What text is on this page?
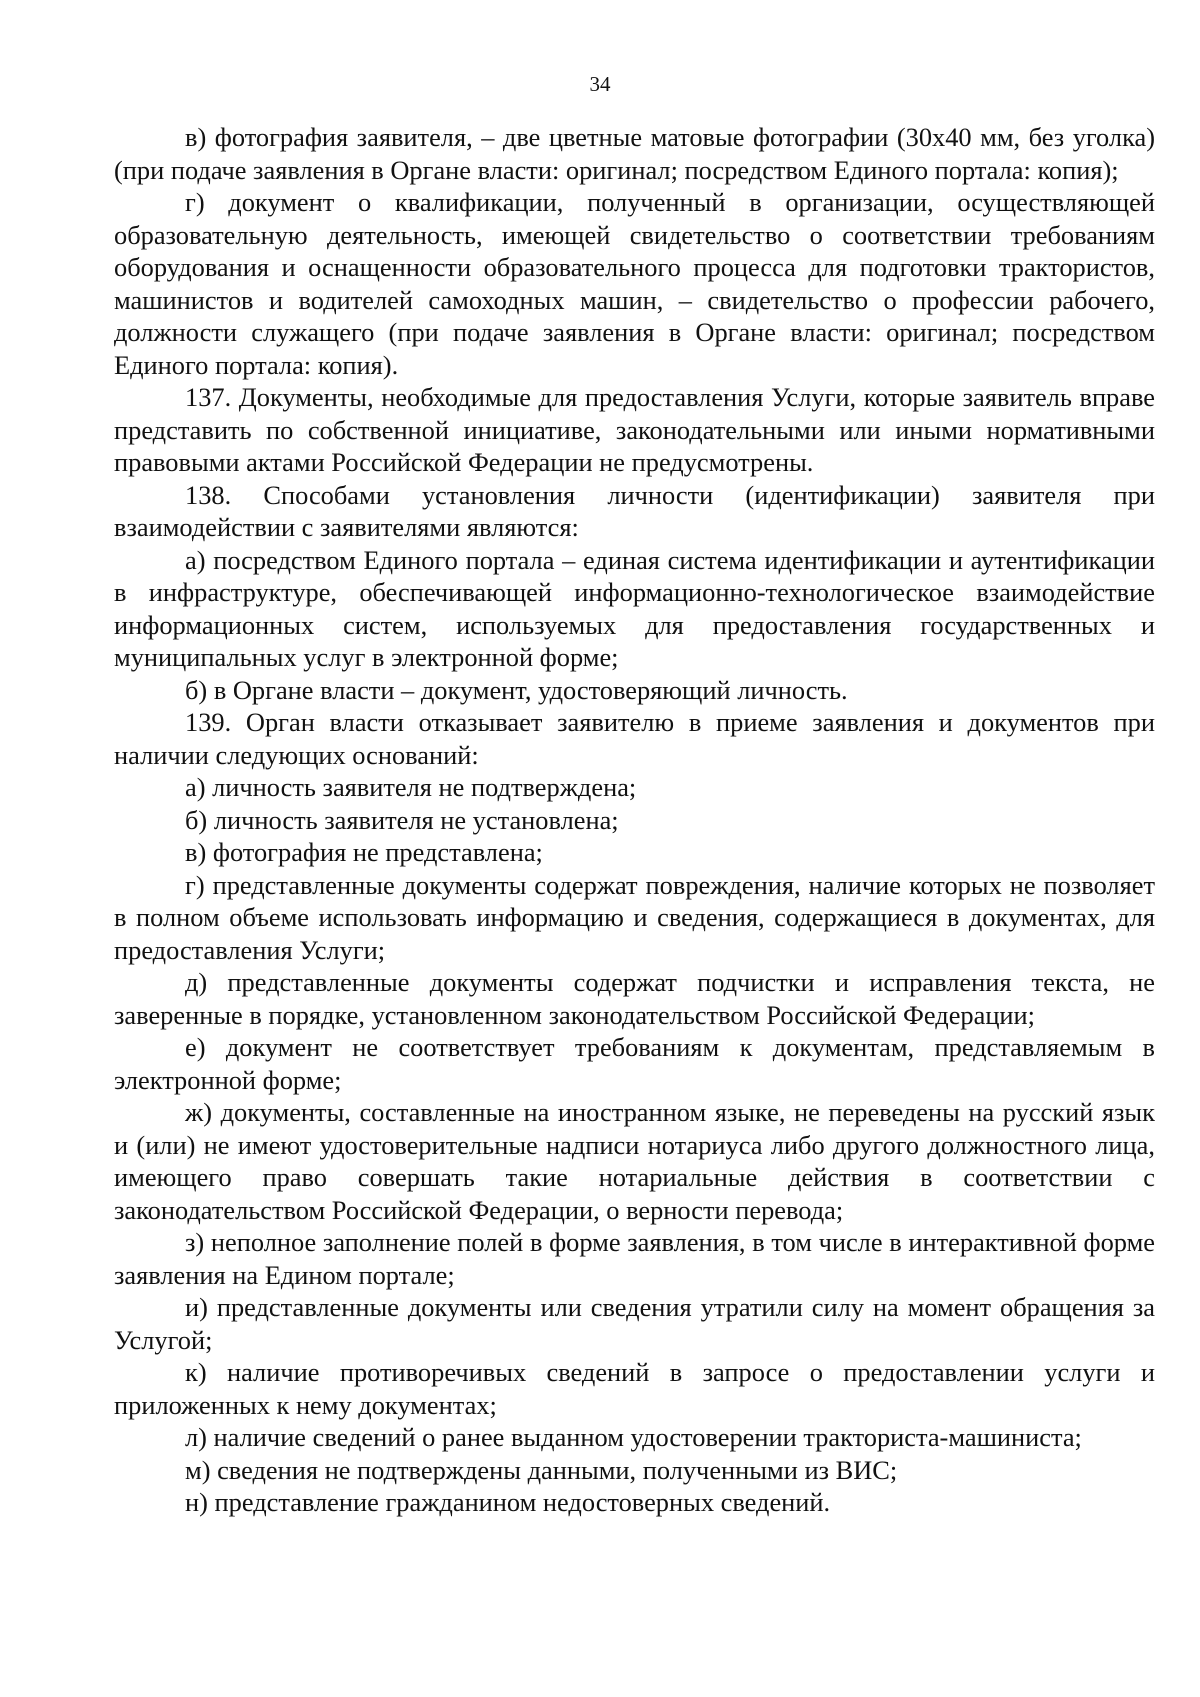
34

в) фотография заявителя, – две цветные матовые фотографии (30х40 мм, без уголка) (при подаче заявления в Органе власти: оригинал; посредством Единого портала: копия);

г) документ о квалификации, полученный в организации, осуществляющей образовательную деятельность, имеющей свидетельство о соответствии требованиям оборудования и оснащенности образовательного процесса для подготовки трактористов, машинистов и водителей самоходных машин, – свидетельство о профессии рабочего, должности служащего (при подаче заявления в Органе власти: оригинал; посредством Единого портала: копия).

137. Документы, необходимые для предоставления Услуги, которые заявитель вправе представить по собственной инициативе, законодательными или иными нормативными правовыми актами Российской Федерации не предусмотрены.

138. Способами установления личности (идентификации) заявителя при взаимодействии с заявителями являются:

а) посредством Единого портала – единая система идентификации и аутентификации в инфраструктуре, обеспечивающей информационно-технологическое взаимодействие информационных систем, используемых для предоставления государственных и муниципальных услуг в электронной форме;

б) в Органе власти – документ, удостоверяющий личность.

139. Орган власти отказывает заявителю в приеме заявления и документов при наличии следующих оснований:

а) личность заявителя не подтверждена;

б) личность заявителя не установлена;

в) фотография не представлена;

г) представленные документы содержат повреждения, наличие которых не позволяет в полном объеме использовать информацию и сведения, содержащиеся в документах, для предоставления Услуги;

д) представленные документы содержат подчистки и исправления текста, не заверенные в порядке, установленном законодательством Российской Федерации;

е) документ не соответствует требованиям к документам, представляемым в электронной форме;

ж) документы, составленные на иностранном языке, не переведены на русский язык и (или) не имеют удостоверительные надписи нотариуса либо другого должностного лица, имеющего право совершать такие нотариальные действия в соответствии с законодательством Российской Федерации, о верности перевода;

з) неполное заполнение полей в форме заявления, в том числе в интерактивной форме заявления на Едином портале;

и) представленные документы или сведения утратили силу на момент обращения за Услугой;

к) наличие противоречивых сведений в запросе о предоставлении услуги и приложенных к нему документах;

л) наличие сведений о ранее выданном удостоверении тракториста-машиниста;

м) сведения не подтверждены данными, полученными из ВИС;

н) представление гражданином недостоверных сведений.
